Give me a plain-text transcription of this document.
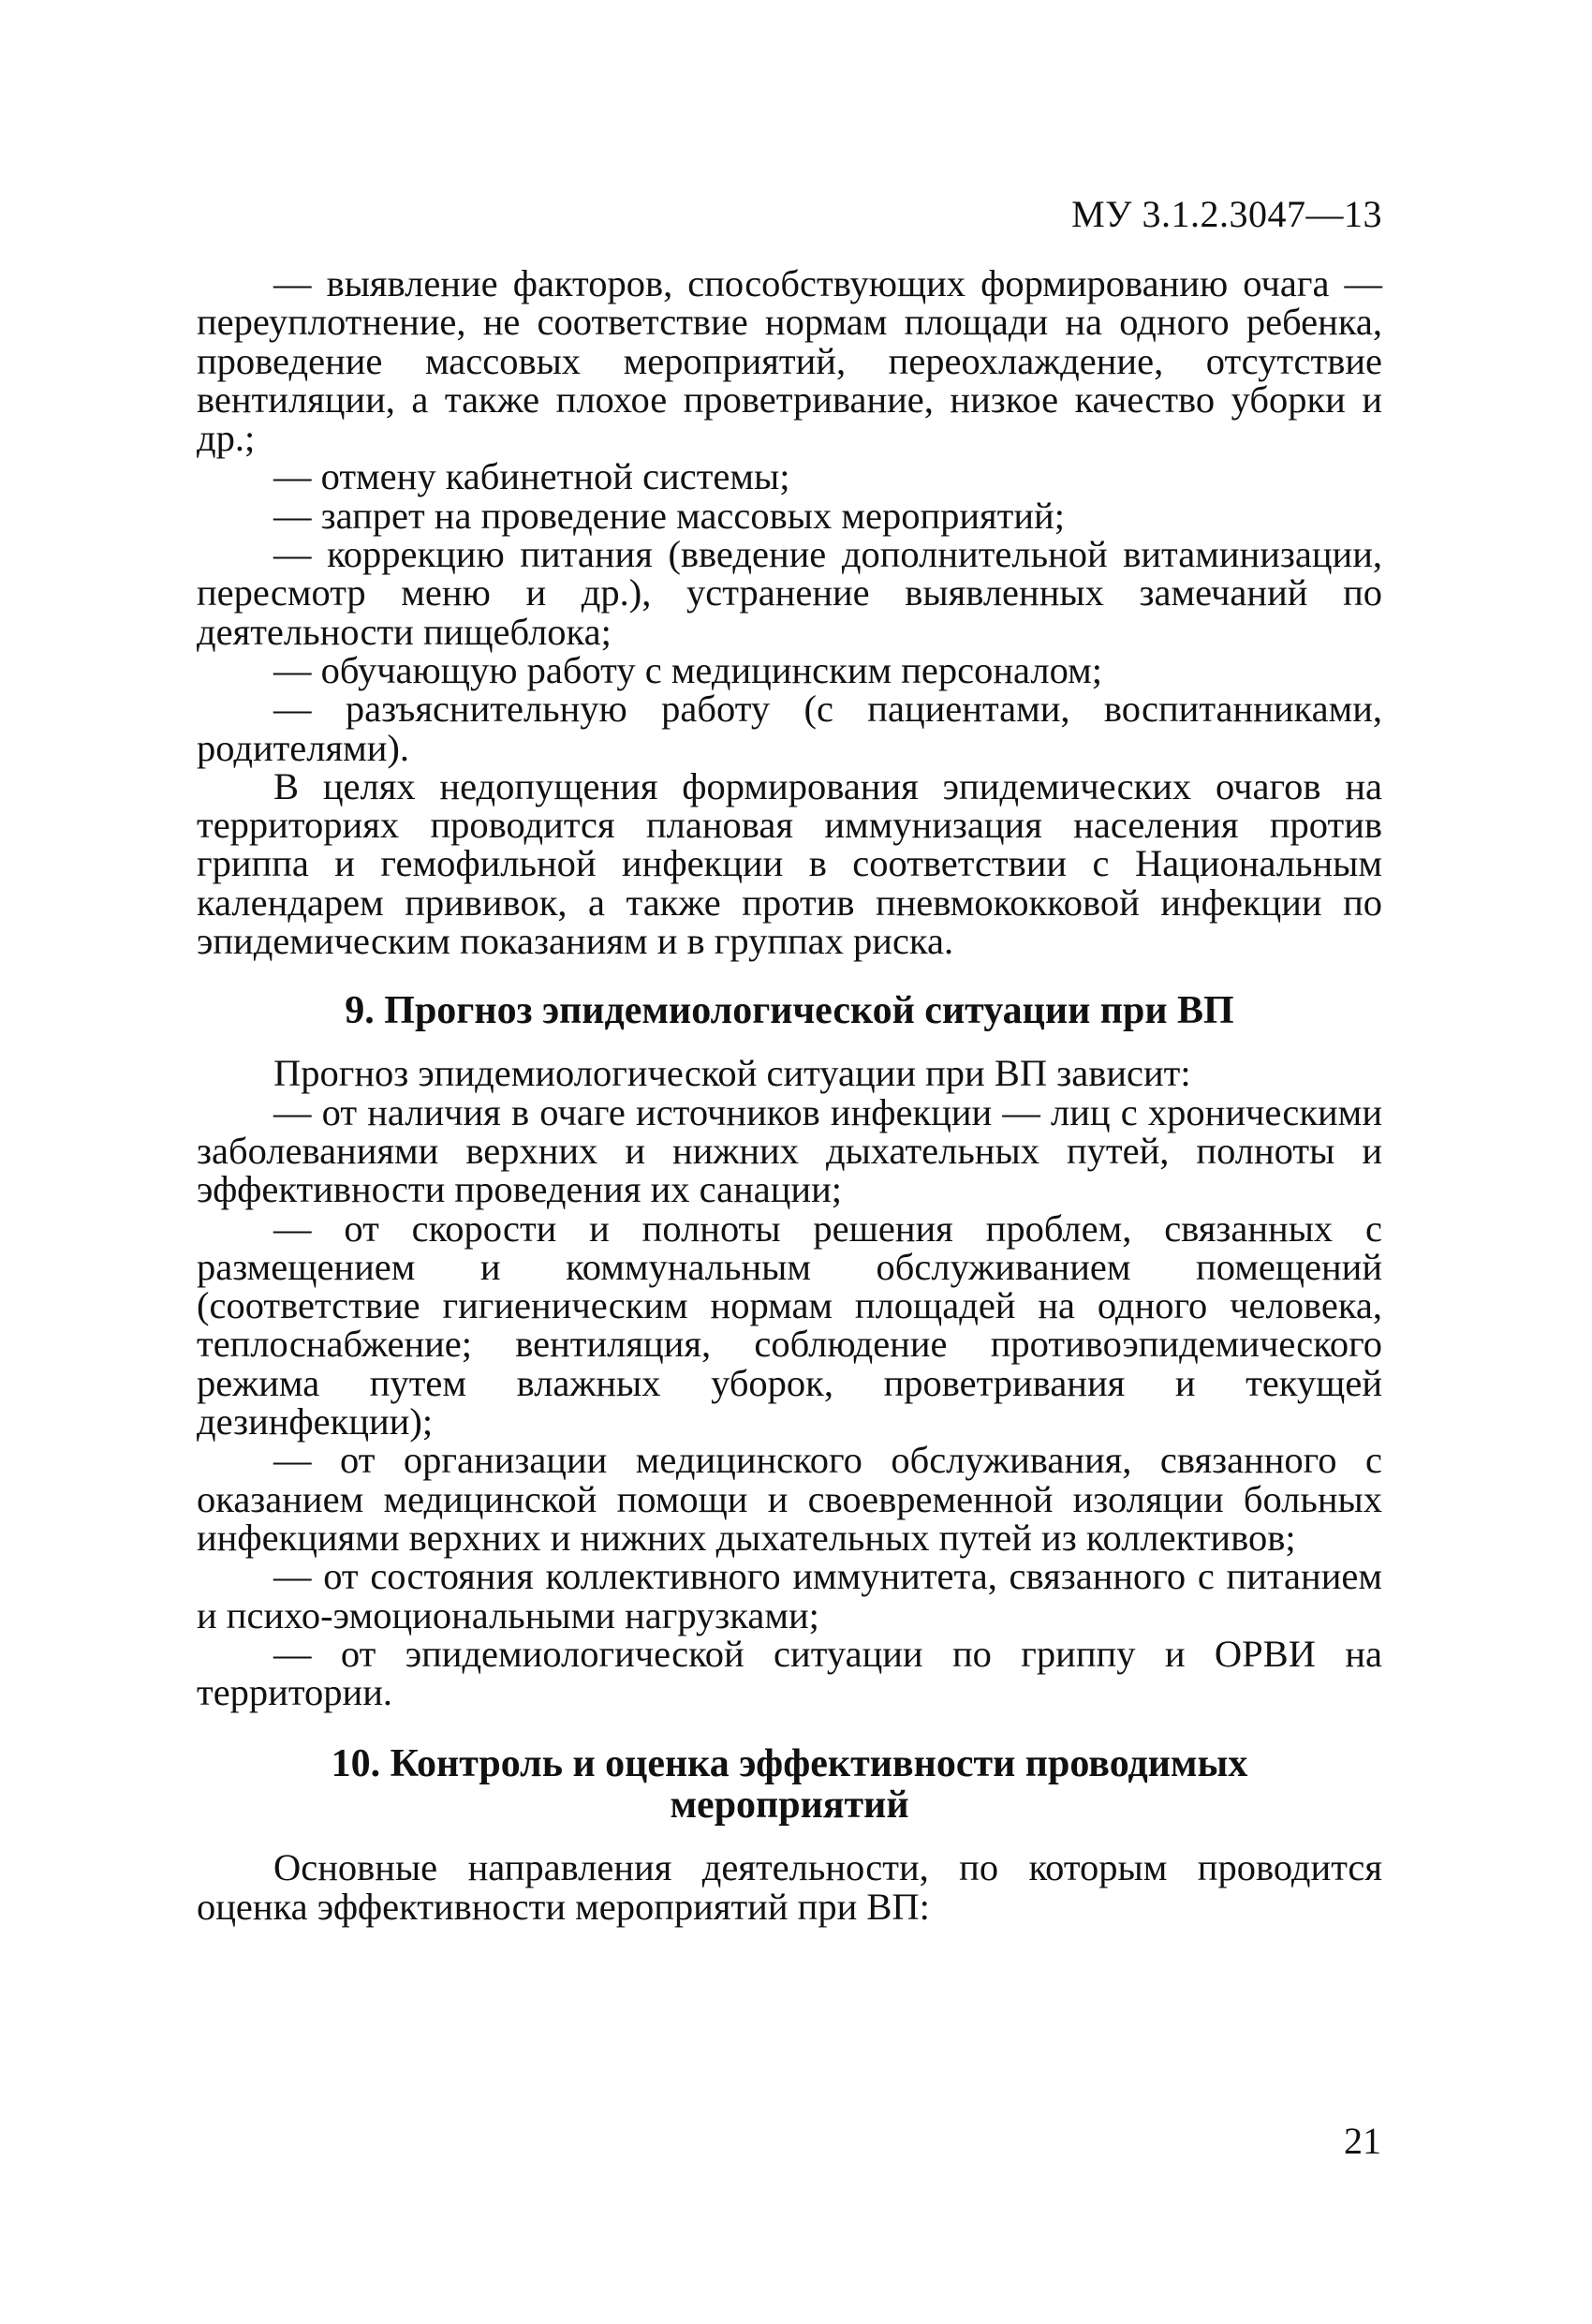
МУ 3.1.2.3047—13

— выявление факторов, способствующих формированию очага — переуплотнение, не соответствие нормам площади на одного ребенка, проведение массовых мероприятий, переохлаждение, отсутствие вентиляции, а также плохое проветривание, низкое качество уборки и др.;

— отмену кабинетной системы;

— запрет на проведение массовых мероприятий;

— коррекцию питания (введение дополнительной витаминизации, пересмотр меню и др.), устранение выявленных замечаний по деятельности пищеблока;

— обучающую работу с медицинским персоналом;

— разъяснительную работу (с пациентами, воспитанниками, родителями).

В целях недопущения формирования эпидемических очагов на территориях проводится плановая иммунизация населения против гриппа и гемофильной инфекции в соответствии с Национальным календарем прививок, а также против пневмококковой инфекции по эпидемическим показаниям и в группах риска.

9. Прогноз эпидемиологической ситуации при ВП

Прогноз эпидемиологической ситуации при ВП зависит:

— от наличия в очаге источников инфекции — лиц с хроническими заболеваниями верхних и нижних дыхательных путей, полноты и эффективности проведения их санации;

— от скорости и полноты решения проблем, связанных с размещением и коммунальным обслуживанием помещений (соответствие гигиеническим нормам площадей на одного человека, теплоснабжение; вентиляция, соблюдение противоэпидемического режима путем влажных уборок, проветривания и текущей дезинфекции);

— от организации медицинского обслуживания, связанного с оказанием медицинской помощи и своевременной изоляции больных инфекциями верхних и нижних дыхательных путей из коллективов;

— от состояния коллективного иммунитета, связанного с питанием и психо-эмоциональными нагрузками;

— от эпидемиологической ситуации по гриппу и ОРВИ на территории.

10. Контроль и оценка эффективности проводимых
мероприятий

Основные направления деятельности, по которым проводится оценка эффективности мероприятий при ВП:

21
